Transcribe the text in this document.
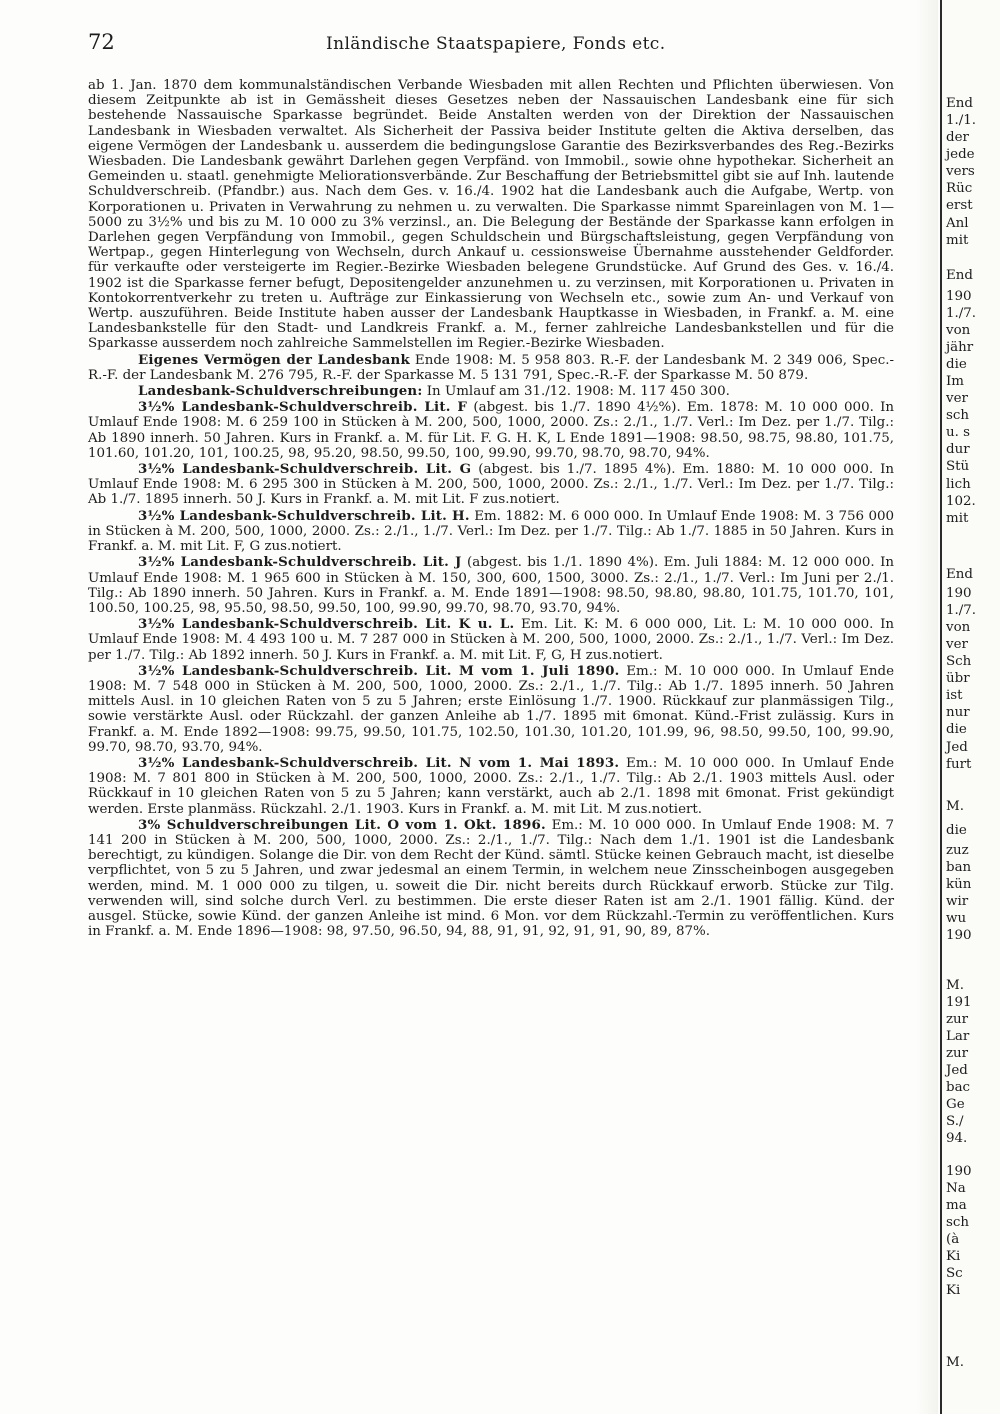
72	Inländische Staatspapiere, Fonds etc.

ab 1. Jan. 1870 dem kommunalständischen Verbande Wiesbaden mit allen Rechten und Pflichten überwiesen. Von diesem Zeitpunkte ab ist in Gemässheit dieses Gesetzes neben der Nassauischen Landesbank eine für sich bestehende Nassauische Sparkasse begründet. Beide Anstalten werden von der Direktion der Nassauischen Landesbank in Wiesbaden verwaltet. Als Sicherheit der Passiva beider Institute gelten die Aktiva derselben, das eigene Vermögen der Landesbank u. ausserdem die bedingungslose Garantie des Bezirksverbandes des Reg.-Bezirks Wiesbaden. Die Landesbank gewährt Darlehen gegen Verpfänd. von Immobil., sowie ohne hypothekar. Sicherheit an Gemeinden u. staatl. genehmigte Meliorationsverbände. Zur Beschaffung der Betriebsmittel gibt sie auf Inh. lautende Schuldverschreib. (Pfandbr.) aus. Nach dem Ges. v. 16./4. 1902 hat die Landesbank auch die Aufgabe, Wertp. von Korporationen u. Privaten in Verwahrung zu nehmen u. zu verwalten. Die Sparkasse nimmt Spareinlagen von M. 1—5000 zu 3½% und bis zu M. 10 000 zu 3% verzinsl., an. Die Belegung der Bestände der Sparkasse kann erfolgen in Darlehen gegen Verpfändung von Immobil., gegen Schuldschein und Bürgschaftsleistung, gegen Verpfändung von Wertpap., gegen Hinterlegung von Wechseln, durch Ankauf u. cessionsweise Übernahme ausstehender Geldforder. für verkaufte oder versteigerte im Regier.-Bezirke Wiesbaden belegene Grundstücke. Auf Grund des Ges. v. 16./4. 1902 ist die Sparkasse ferner befugt, Depositengelder anzunehmen u. zu verzinsen, mit Korporationen u. Privaten in Kontokorrentverkehr zu treten u. Aufträge zur Einkassierung von Wechseln etc., sowie zum An- und Verkauf von Wertp. auszuführen. Beide Institute haben ausser der Landesbank Hauptkasse in Wiesbaden, in Frankf. a. M. eine Landesbankstelle für den Stadt- und Landkreis Frankf. a. M., ferner zahlreiche Landesbankstellen und für die Sparkasse ausserdem noch zahlreiche Sammelstellen im Regier.-Bezirke Wiesbaden.

Eigenes Vermögen der Landesbank Ende 1908: M. 5 958 803. R.-F. der Landesbank M. 2 349 006, Spec.-R.-F. der Landesbank M. 276 795, R.-F. der Sparkasse M. 5 131 791, Spec.-R.-F. der Sparkasse M. 50 879.

Landesbank-Schuldverschreibungen: In Umlauf am 31./12. 1908: M. 117 450 300.

3½% Landesbank-Schuldverschreib. Lit. F (abgest. bis 1./7. 1890 4½%). Em. 1878: M. 10 000 000. In Umlauf Ende 1908: M. 6 259 100 in Stücken à M. 200, 500, 1000, 2000. Zs.: 2./1., 1./7. Verl.: Im Dez. per 1./7. Tilg.: Ab 1890 innerh. 50 Jahren. Kurs in Frankf. a. M. für Lit. F. G. H. K, L Ende 1891—1908: 98.50, 98.75, 98.80, 101.75, 101.60, 101.20, 101, 100.25, 98, 95.20, 98.50, 99.50, 100, 99.90, 99.70, 98.70, 98.70, 94%.

3½% Landesbank-Schuldverschreib. Lit. G (abgest. bis 1./7. 1895 4%). Em. 1880: M. 10 000 000. In Umlauf Ende 1908: M. 6 295 300 in Stücken à M. 200, 500, 1000, 2000. Zs.: 2./1., 1./7. Verl.: Im Dez. per 1./7. Tilg.: Ab 1./7. 1895 innerh. 50 J. Kurs in Frankf. a. M. mit Lit. F zus.notiert.

3½% Landesbank-Schuldverschreib. Lit. H. Em. 1882: M. 6 000 000. In Umlauf Ende 1908: M. 3 756 000 in Stücken à M. 200, 500, 1000, 2000. Zs.: 2./1., 1./7. Verl.: Im Dez. per 1./7. Tilg.: Ab 1./7. 1885 in 50 Jahren. Kurs in Frankf. a. M. mit Lit. F, G zus.notiert.

3½% Landesbank-Schuldverschreib. Lit. J (abgest. bis 1./1. 1890 4%). Em. Juli 1884: M. 12 000 000. In Umlauf Ende 1908: M. 1 965 600 in Stücken à M. 150, 300, 600, 1500, 3000. Zs.: 2./1., 1./7. Verl.: Im Juni per 2./1. Tilg.: Ab 1890 innerh. 50 Jahren. Kurs in Frankf. a. M. Ende 1891—1908: 98.50, 98.80, 98.80, 101.75, 101.70, 101, 100.50, 100.25, 98, 95.50, 98.50, 99.50, 100, 99.90, 99.70, 98.70, 93.70, 94%.

3½% Landesbank-Schuldverschreib. Lit. K u. L. Em. Lit. K: M. 6 000 000, Lit. L: M. 10 000 000. In Umlauf Ende 1908: M. 4 493 100 u. M. 7 287 000 in Stücken à M. 200, 500, 1000, 2000. Zs.: 2./1., 1./7. Verl.: Im Dez. per 1./7. Tilg.: Ab 1892 innerh. 50 J. Kurs in Frankf. a. M. mit Lit. F, G, H zus.notiert.

3½% Landesbank-Schuldverschreib. Lit. M vom 1. Juli 1890. Em.: M. 10 000 000. In Umlauf Ende 1908: M. 7 548 000 in Stücken à M. 200, 500, 1000, 2000. Zs.: 2./1., 1./7. Tilg.: Ab 1./7. 1895 innerh. 50 Jahren mittels Ausl. in 10 gleichen Raten von 5 zu 5 Jahren; erste Einlösung 1./7. 1900. Rückkauf zur planmässigen Tilg., sowie verstärkte Ausl. oder Rückzahl. der ganzen Anleihe ab 1./7. 1895 mit 6monat. Künd.-Frist zulässig. Kurs in Frankf. a. M. Ende 1892—1908: 99.75, 99.50, 101.75, 102.50, 101.30, 101.20, 101.99, 96, 98.50, 99.50, 100, 99.90, 99.70, 98.70, 93.70, 94%.

3½% Landesbank-Schuldverschreib. Lit. N vom 1. Mai 1893. Em.: M. 10 000 000. In Umlauf Ende 1908: M. 7 801 800 in Stücken à M. 200, 500, 1000, 2000. Zs.: 2./1., 1./7. Tilg.: Ab 2./1. 1903 mittels Ausl. oder Rückkauf in 10 gleichen Raten von 5 zu 5 Jahren; kann verstärkt, auch ab 2./1. 1898 mit 6monat. Frist gekündigt werden. Erste planmäss. Rückzahl. 2./1. 1903. Kurs in Frankf. a. M. mit Lit. M zus.notiert.

3% Schuldverschreibungen Lit. O vom 1. Okt. 1896. Em.: M. 10 000 000. In Umlauf Ende 1908: M. 7 141 200 in Stücken à M. 200, 500, 1000, 2000. Zs.: 2./1., 1./7. Tilg.: Nach dem 1./1. 1901 ist die Landesbank berechtigt, zu kündigen. Solange die Dir. von dem Recht der Künd. sämtl. Stücke keinen Gebrauch macht, ist dieselbe verpflichtet, von 5 zu 5 Jahren, und zwar jedesmal an einem Termin, in welchem neue Zinsscheinbogen ausgegeben werden, mind. M. 1 000 000 zu tilgen, u. soweit die Dir. nicht bereits durch Rückkauf erworb. Stücke zur Tilg. verwenden will, sind solche durch Verl. zu bestimmen. Die erste dieser Raten ist am 2./1. 1901 fällig. Künd. der ausgel. Stücke, sowie Künd. der ganzen Anleihe ist mind. 6 Mon. vor dem Rückzahl.-Termin zu veröffentlichen. Kurs in Frankf. a. M. Ende 1896—1908: 98, 97.50, 96.50, 94, 88, 91, 91, 92, 91, 91, 90, 89, 87%.

End
1./1.
der
jede
vers
Rüc
erst
Anl
mit
End
190
1./7.
von
jähr
die
Im
ver
sch
u. s
dur
Stü
lich
102.
mit
End
190
1./7.
von
ver
Sch
übr
ist
nur
die
Jed
furt
M.
die
zuz
ban
kün
wir
wu
190
M.
191
zur
Lar
zur
Jed
bac
Ge
S./
94.
190
Na
ma
sch
(à
Ki
Sc
Ki
M.
